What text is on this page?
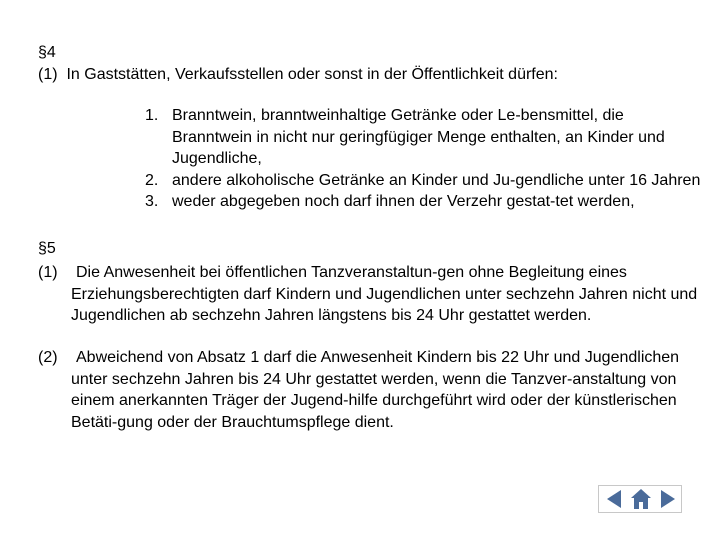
§4
(1) In Gaststätten, Verkaufsstellen oder sonst in der Öffentlichkeit dürfen:
1. Branntwein, branntweinhaltige Getränke oder Le-bensmittel, die Branntwein in nicht nur geringfügiger Menge enthalten, an Kinder und Jugendliche,
2. andere alkoholische Getränke an Kinder und Ju-gendliche unter 16 Jahren
3. weder abgegeben noch darf ihnen der Verzehr gestat-tet werden,
§5
(1)	Die Anwesenheit bei öffentlichen Tanzveranstaltun-gen ohne Begleitung eines Erziehungsberechtigten darf Kindern und Jugendlichen unter sechzehn Jahren nicht und Jugendlichen ab sechzehn Jahren längstens bis 24 Uhr gestattet werden.
(2)	Abweichend von Absatz 1 darf die Anwesenheit Kindern bis 22 Uhr und Jugendlichen unter sechzehn Jahren bis 24 Uhr gestattet werden, wenn die Tanzver-anstaltung von einem anerkannten Träger der Jugend-hilfe durchgeführt wird oder der künstlerischen Betäti-gung oder der Brauchtumspflege dient.
